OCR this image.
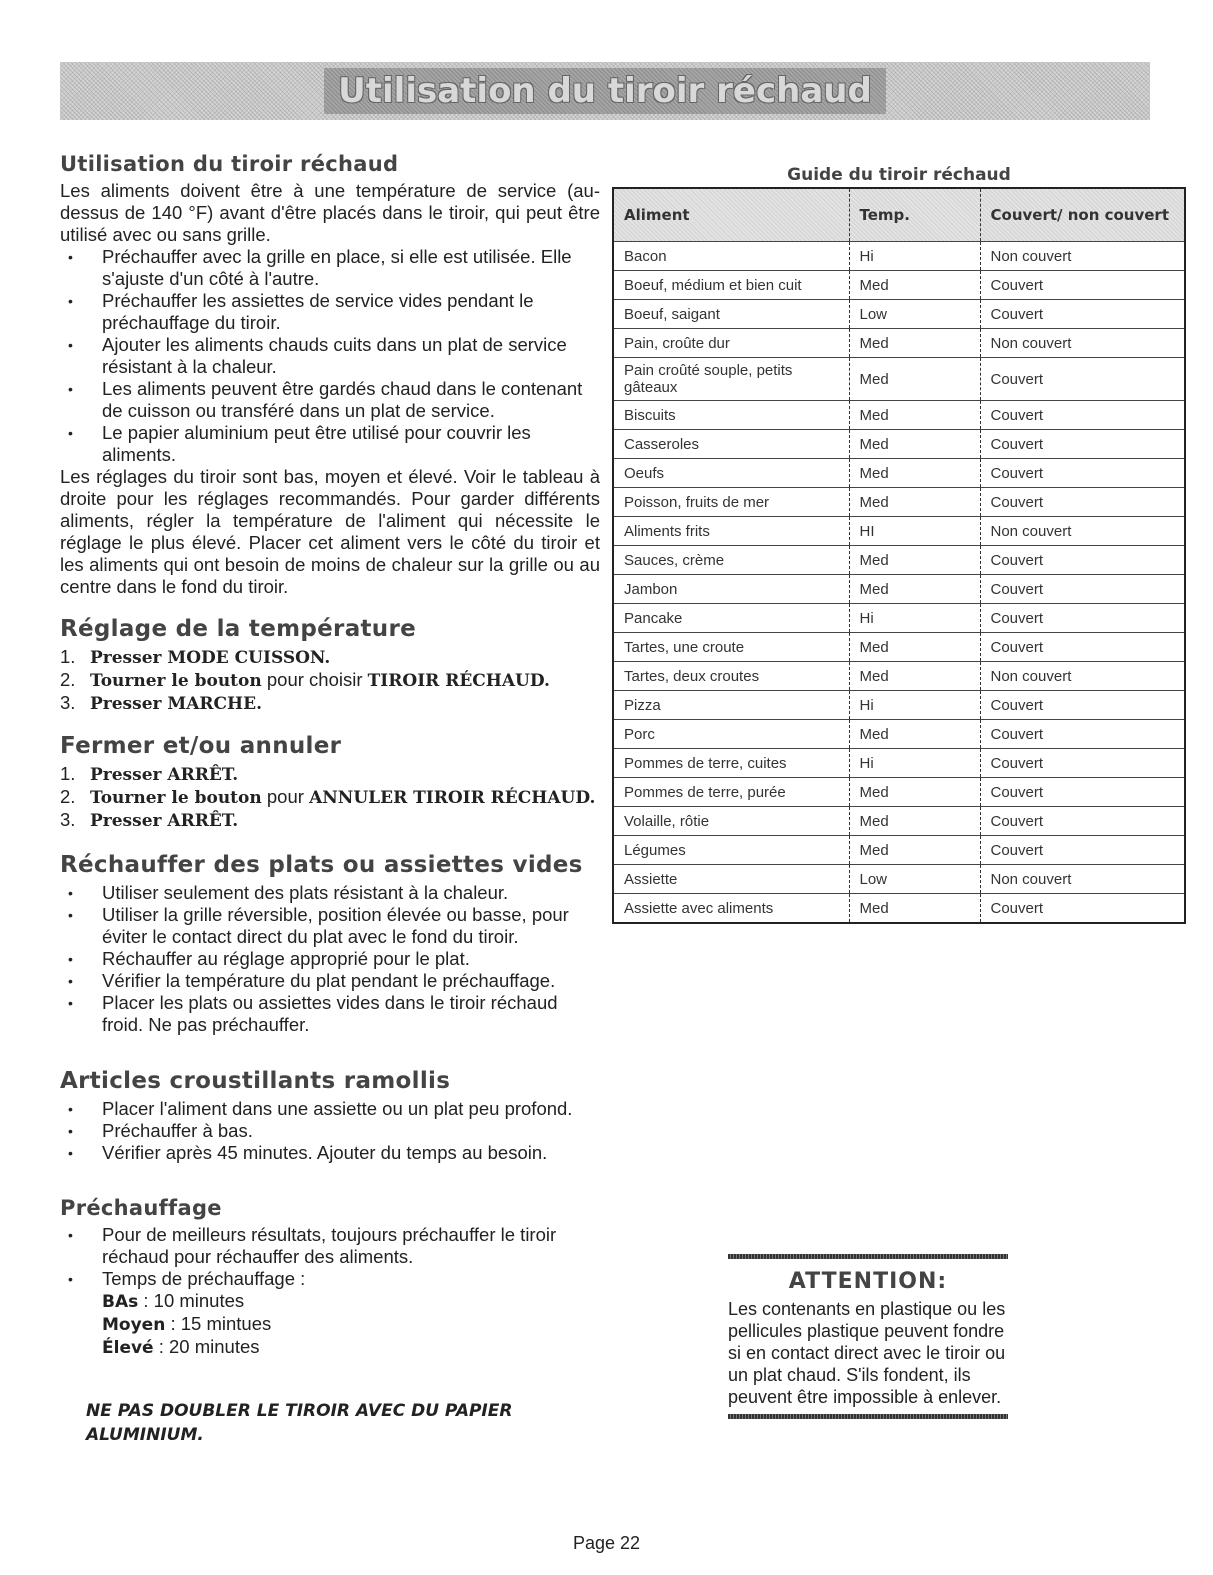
Utilisation du tiroir réchaud
Utilisation du tiroir réchaud

Les aliments doivent être à une température de service (au-dessus de 140 °F) avant d'être placés dans le tiroir, qui peut être utilisé avec ou sans grille.

• Préchauffer avec la grille en place, si elle est utilisée. Elle s'ajuste d'un côté à l'autre.
• Préchauffer les assiettes de service vides pendant le préchauffage du tiroir.
• Ajouter les aliments chauds cuits dans un plat de service résistant à la chaleur.
• Les aliments peuvent être gardés chaud dans le contenant de cuisson ou transféré dans un plat de service.
• Le papier aluminium peut être utilisé pour couvrir les aliments.

Les réglages du tiroir sont bas, moyen et élevé. Voir le tableau à droite pour les réglages recommandés. Pour garder différents aliments, régler la température de l'aliment qui nécessite le réglage le plus élevé. Placer cet aliment vers le côté du tiroir et les aliments qui ont besoin de moins de chaleur sur la grille ou au centre dans le fond du tiroir.

Réglage de la température
1. Presser MODE CUISSON.
2. Tourner le bouton pour choisir TIROIR RÉCHAUD.
3. Presser MARCHE.
Fermer et/ou annuler
1. Presser ARRÊT.
2. Tourner le bouton pour ANNULER TIROIR RÉCHAUD.
3. Presser ARRÊT.
Réchauffer des plats ou assiettes vides
• Utiliser seulement des plats résistant à la chaleur.
• Utiliser la grille réversible, position élevée ou basse, pour éviter le contact direct du plat avec le fond du tiroir.
• Réchauffer au réglage approprié pour le plat.
• Vérifier la température du plat pendant le préchauffage.
• Placer les plats ou assiettes vides dans le tiroir réchaud froid. Ne pas préchauffer.
Articles croustillants ramollis
• Placer l'aliment dans une assiette ou un plat peu profond.
• Préchauffer à bas.
• Vérifier après 45 minutes. Ajouter du temps au besoin.
Préchauffage
• Pour de meilleurs résultats, toujours préchauffer le tiroir réchaud pour réchauffer des aliments.
• Temps de préchauffage :
BAs : 10 minutes
Moyen : 15 mintues
Élevé : 20 minutes
NE PAS DOUBLER LE TIROIR AVEC DU PAPIER ALUMINIUM.
Guide du tiroir réchaud
Aliment	Temp.	Couvert/ non couvert
Bacon	Hi	Non couvert
Boeuf, médium et bien cuit	Med	Couvert
Boeuf, saigant	Low	Couvert
Pain, croûte dur	Med	Non couvert
Pain croûté souple, petits gâteaux	Med	Couvert
Biscuits	Med	Couvert
Casseroles	Med	Couvert
Oeufs	Med	Couvert
Poisson, fruits de mer	Med	Couvert
Aliments frits	HI	Non couvert
Sauces, crème	Med	Couvert
Jambon	Med	Couvert
Pancake	Hi	Couvert
Tartes, une croute	Med	Couvert
Tartes, deux croutes	Med	Non couvert
Pizza	Hi	Couvert
Porc	Med	Couvert
Pommes de terre, cuites	Hi	Couvert
Pommes de terre, purée	Med	Couvert
Volaille, rôtie	Med	Couvert
Légumes	Med	Couvert
Assiette	Low	Non couvert
Assiette avec aliments	Med	Couvert
ATTENTION:
Les contenants en plastique ou les pellicules plastique peuvent fondre si en contact direct avec le tiroir ou un plat chaud. S'ils fondent, ils peuvent être impossible à enlever.
Page 22
